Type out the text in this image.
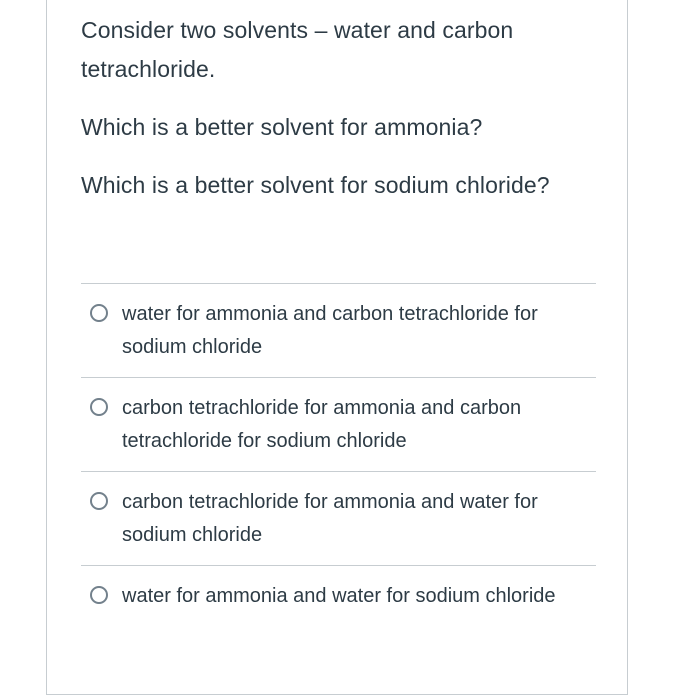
Consider two solvents – water and carbon tetrachloride.

Which is a better solvent for ammonia?

Which is a better solvent for sodium chloride?

water for ammonia and carbon tetrachloride for sodium chloride
carbon tetrachloride for ammonia and carbon tetrachloride for sodium chloride
carbon tetrachloride for ammonia and water for sodium chloride
water for ammonia and water for sodium chloride
